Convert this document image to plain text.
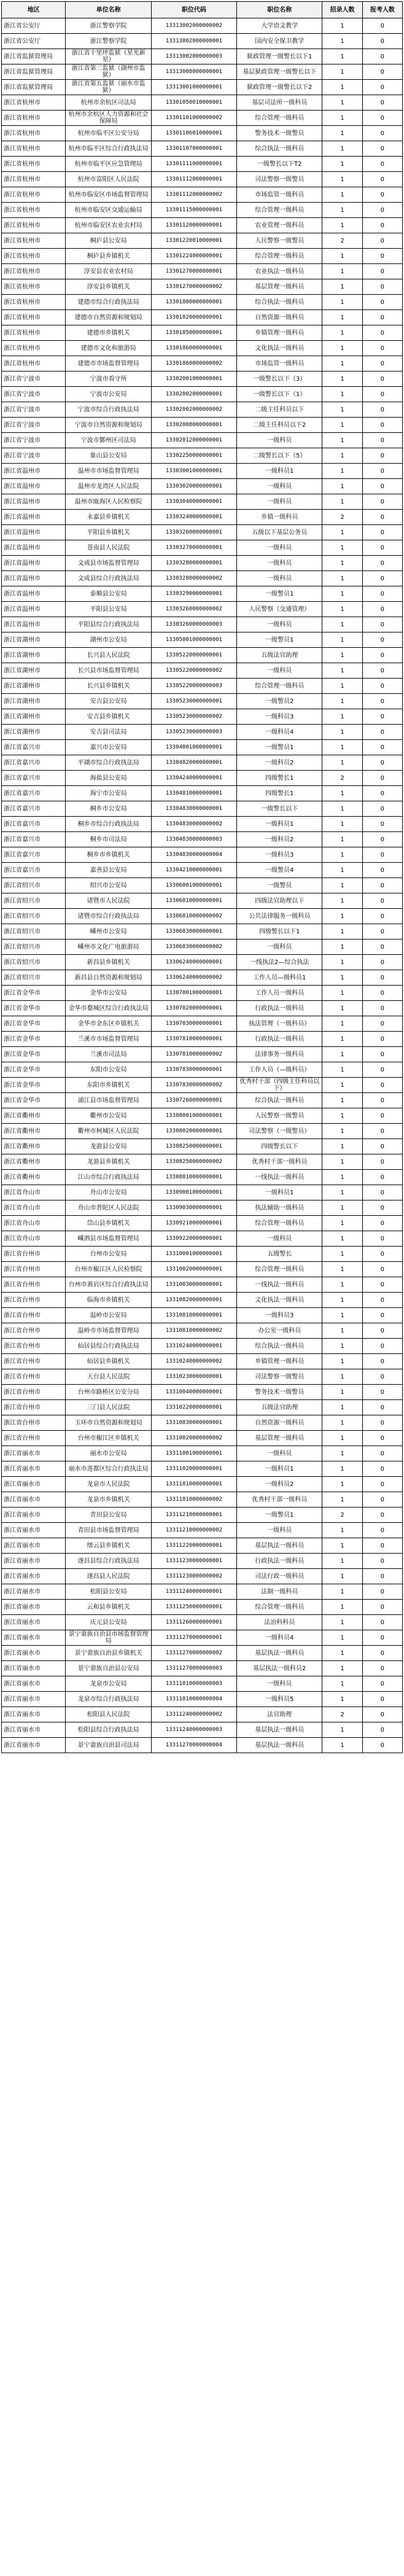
地区	单位名称	职位代码	职位名称	招录人数	报考人数
浙江省公安厅	浙江警察学院	13313002000000002	大学语文教学	1	0
浙江省公安厅	浙江警察学院	13313002000000001	国内安全保卫教学	1	0
浙江省监狱管理局	浙江省十里坪监狱（星光新星）	13313002000000003	狱政管理一级警长以下1	1	0
浙江省监狱管理局	浙江省第二监狱（湖州市监狱）	13313008000000001	基层狱政管理一级警长以下	1	0
浙江省监狱管理局	浙江省第五监狱（丽水市监狱）	13313001000000001	狱政管理一级警长以下2	1	0
浙江省杭州市	杭州市余杭区司法局	13301050010000001	基层司法所一级科员	1	0
浙江省杭州市	杭州市余杭区人力资源和社会保障局	13301101000000002	综合管理一级科员	1	0
浙江省杭州市	杭州市临平区公安分局	13301106010000001	警务技术一级警员	1	0
浙江省杭州市	杭州市临平区综合行政执法局	13301107000000001	综合执法一级科员	1	0
浙江省杭州市	杭州市临平区应急管理局	13301111000000001	一级警长以下T2	1	0
浙江省杭州市	杭州市富阳区人民法院	13301112000000001	司法警察一级警员	1	0
浙江省杭州市	杭州市临安区市场监督管理局	13301112000000002	市场监管一级科员	1	0
浙江省杭州市	杭州市临安区交通运输局	13301115000000001	综合管理一级科员	1	0
浙江省杭州市	杭州市临安区农业农村局	13301120000000001	农业管理一级科员	1	0
浙江省杭州市	桐庐县公安局	13301220010000001	人民警察一级警员	2	0
浙江省杭州市	桐庐县乡镇机关	13301224000000001	综合管理一级科员	1	0
浙江省杭州市	淳安县农业农村局	13301270000000001	农业执法一级科员	1	0
浙江省杭州市	淳安县乡镇机关	13301270000000002	基层管理一级科员	1	0
浙江省杭州市	建德市综合行政执法局	13301800000000001	综合执法一级科员	1	0
浙江省杭州市	建德市自然资源和规划局	13301820000000001	自然资源一级科员	1	0
浙江省杭州市	建德市乡镇机关	13301850000000001	乡镇管理一级科员	1	0
浙江省杭州市	建德市文化和旅游局	13301860000000001	文化执法一级科员	1	0
浙江省杭州市	建德市市场监督管理局	13301860000000002	市场监管一级科员	1	0
浙江省宁波市	宁波市看守所	13302001000000001	一级警长以下（3）	1	0
浙江省宁波市	宁波市公安局	13302002000000001	一级警长以下（1）	1	0
浙江省宁波市	宁波市综合行政执法局	13302002000000002	二级主任科员以下	1	0
浙江省宁波市	宁波市自然资源和规划局	13302008000000001	二级主任科员以下2	1	0
浙江省宁波市	宁波市鄞州区司法局	13302012000000001	一级科员	1	0
浙江省宁波市	象山县公安局	13302250000000001	二级警长以下（5）	1	0
浙江省温州市	温州市市场监督管理局	13303001000000001	一级科员1	1	0
浙江省温州市	温州市龙湾区人民法院	13303020000000001	一级科员	1	0
浙江省温州市	温州市瓯海区人民检察院	13303040000000001	一级科员	1	0
浙江省温州市	永嘉县乡镇机关	13303240000000001	乡镇一级科员	2	0
浙江省温州市	平阳县乡镇机关	13303260000000001	五级以下基层公务员	1	0
浙江省温州市	苍南县人民法院	13303270000000001	一级科员	1	0
浙江省温州市	文成县市场监督管理局	13303280000000001	一级科员	1	0
浙江省温州市	文成县综合行政执法局	13303280000000002	一级科员	1	0
浙江省温州市	泰顺县公安局	13303290000000001	一级警员1	1	0
浙江省温州市	平阳县公安局	13303260000000002	人民警察（交通管理）	1	0
浙江省温州市	平阳县综合行政执法局	13303260000000003	一级科员	1	0
浙江省湖州市	湖州市公安局	13305001000000001	一级警员1	1	0
浙江省湖州市	长兴县人民法院	13305220000000001	五级法官助理	1	0
浙江省湖州市	长兴县市场监督管理局	13305220000000002	一级科员	1	0
浙江省湖州市	长兴县乡镇机关	13305220000000003	综合管理一级科员	1	0
浙江省湖州市	安吉县公安局	13305230000000001	一级警员2	1	0
浙江省湖州市	安吉县乡镇机关	13305230000000002	一级科员3	1	0
浙江省湖州市	安吉县司法局	13305230000000003	一级科员4	1	0
浙江省嘉兴市	嘉兴市公安局	13304001000000001	一级警员1	1	0
浙江省嘉兴市	平湖市综合行政执法局	13304820000000001	一级科员2	1	0
浙江省嘉兴市	海盐县公安局	13304240000000001	四级警长1	2	0
浙江省嘉兴市	海宁市公安局	13304810000000001	四级警长1	1	0
浙江省嘉兴市	桐乡市公安局	13304830000000001	一级警长以下	1	0
浙江省嘉兴市	桐乡市综合行政执法局	13304830000000002	一级科员1	1	0
浙江省嘉兴市	桐乡市司法局	13304830000000003	一级科员2	1	0
浙江省嘉兴市	桐乡市乡镇机关	13304830000000004	一级科员3	1	0
浙江省嘉兴市	嘉善县公安局	13304210000000001	一级警员4	1	0
浙江省绍兴市	绍兴市公安局	13306001000000001	一级警员	1	0
浙江省绍兴市	诸暨市人民法院	13306810000000001	四级法官助理以下	1	0
浙江省绍兴市	诸暨市综合行政执法局	13306810000000002	公共法律服务一级科员	1	0
浙江省绍兴市	嵊州市公安局	13306830000000001	四级警长以下1	1	0
浙江省绍兴市	嵊州市文化广电旅游局	13306830000000002	一级科员	1	0
浙江省绍兴市	新昌县乡镇机关	13306240000000001	一线执法2—综合执法	1	0
浙江省绍兴市	新昌县自然资源和规划局	13306240000000002	工作人员—级科员1	1	0
浙江省金华市	金华市公安局	13307001000000001	工作人员一级科员	1	0
浙江省金华市	金华市婺城区综合行政执法局	13307020000000001	行政执法一级科员	1	0
浙江省金华市	金华市金东区乡镇机关	13307030000000001	执法管理（一级科员）	1	0
浙江省金华市	兰溪市市场监督管理局	13307810000000001	行政执法一级科员	1	0
浙江省金华市	兰溪市司法局	13307810000000002	法律事务一级科员	1	0
浙江省金华市	东阳市公安局	13307830000000001	工作人员（—级科员）	1	0
浙江省金华市	东阳市乡镇机关	13307830000000002	优秀村干部（四级主任科员以下）	1	0
浙江省金华市	浦江县市场监督管理局	13307260000000001	综合执法一级科员	1	0
浙江省衢州市	衢州市公安局	13308001000000001	人民警察一级警员	1	0
浙江省衢州市	衢州市柯城区人民法院	13308020000000001	司法警察（一级警员）	1	0
浙江省衢州市	龙游县公安局	13308250000000001	四级警长以下	1	0
浙江省衢州市	龙游县乡镇机关	13308250000000002	优秀村干部一级科员	1	0
浙江省衢州市	江山市综合行政执法局	13308810000000001	一线执法一级科员	1	0
浙江省舟山市	舟山市公安局	13309001000000001	一级科员1	1	0
浙江省舟山市	舟山市普陀区人民法院	13309030000000001	执法辅助一级科员	1	0
浙江省舟山市	岱山县乡镇机关	13309210000000001	综合管理一级科员	1	0
浙江省舟山市	嵊泗县市场监督管理局	13309220000000001	一级科员	1	0
浙江省台州市	台州市公安局	13310001000000001	五级警长	1	0
浙江省台州市	台州市椒江区人民检察院	13310020000000001	综合管理一级科员	1	0
浙江省台州市	台州市黄岩区综合行政执法局	13310030000000001	一线执法一级科员	1	0
浙江省台州市	临海市乡镇机关	13310820000000001	文化执法一级科员	1	0
浙江省台州市	温岭市公安局	13310810000000001	一级科员3	1	0
浙江省台州市	温岭市市场监督管理局	13310810000000002	办公室一级科员	1	0
浙江省台州市	仙居县综合行政执法局	13310240000000001	综合执法一级科员	1	0
浙江省台州市	仙居县乡镇机关	13310240000000002	乡镇管理一级科员	1	0
浙江省台州市	天台县人民法院	13310230000000001	司法警察一级警员	1	0
浙江省台州市	台州市路桥区公安分局	13310040000000001	警务技术一级警员	1	0
浙江省台州市	三门县人民法院	13310220000000001	五级法官助理	1	0
浙江省台州市	玉环市自然资源和规划局	13310830000000001	自然资源一级科员	1	0
浙江省台州市	台州市椒江区乡镇机关	13310020000000002	基层管理一级科员	1	0
浙江省丽水市	丽水市公安局	13311001000000001	一级科员	1	0
浙江省丽水市	丽水市莲都区综合行政执法局	13311020000000001	一级科员1	1	0
浙江省丽水市	龙泉市人民法院	13311810000000001	一级科员2	1	0
浙江省丽水市	龙泉市乡镇机关	13311810000000002	优秀村干部一级科员	1	0
浙江省丽水市	青田县公安局	13311210000000001	一级警员1	2	0
浙江省丽水市	青田县市场监督管理局	13311210000000002	一级科员	1	0
浙江省丽水市	缙云县乡镇机关	13311220000000001	基层执法一级科员	1	0
浙江省丽水市	遂昌县综合行政执法局	13311230000000001	行政执法一级科员	1	0
浙江省丽水市	遂昌县人民法院	13311230000000002	司法行政一级科员	1	0
浙江省丽水市	松阳县公安局	13311240000000001	法制一级科员	1	0
浙江省丽水市	云和县乡镇机关	13311250000000001	综合管理一级科员	1	0
浙江省丽水市	庆元县公安局	13311260000000001	法治科科员	1	0
浙江省丽水市	景宁畲族自治县市场监督管理局	13311270000000001	一级科员4	1	0
浙江省丽水市	景宁畲族自治县乡镇机关	13311270000000002	基层执法一级科员	1	0
浙江省丽水市	景宁畲族自治县公安局	13311270000000003	基层执法一级科员2	1	0
浙江省丽水市	龙泉市公安局	13311810000000003	一级科员	1	0
浙江省丽水市	龙泉市综合行政执法局	13311810000000004	一级科员5	1	0
浙江省丽水市	松阳县人民法院	13311240000000002	法官助理	2	0
浙江省丽水市	松阳县综合行政执法局	13311240000000003	基层执法一级科员	1	0
浙江省丽水市	景宁畲族自治县司法局	13311270000000004	基层执法一级科员	1	0
